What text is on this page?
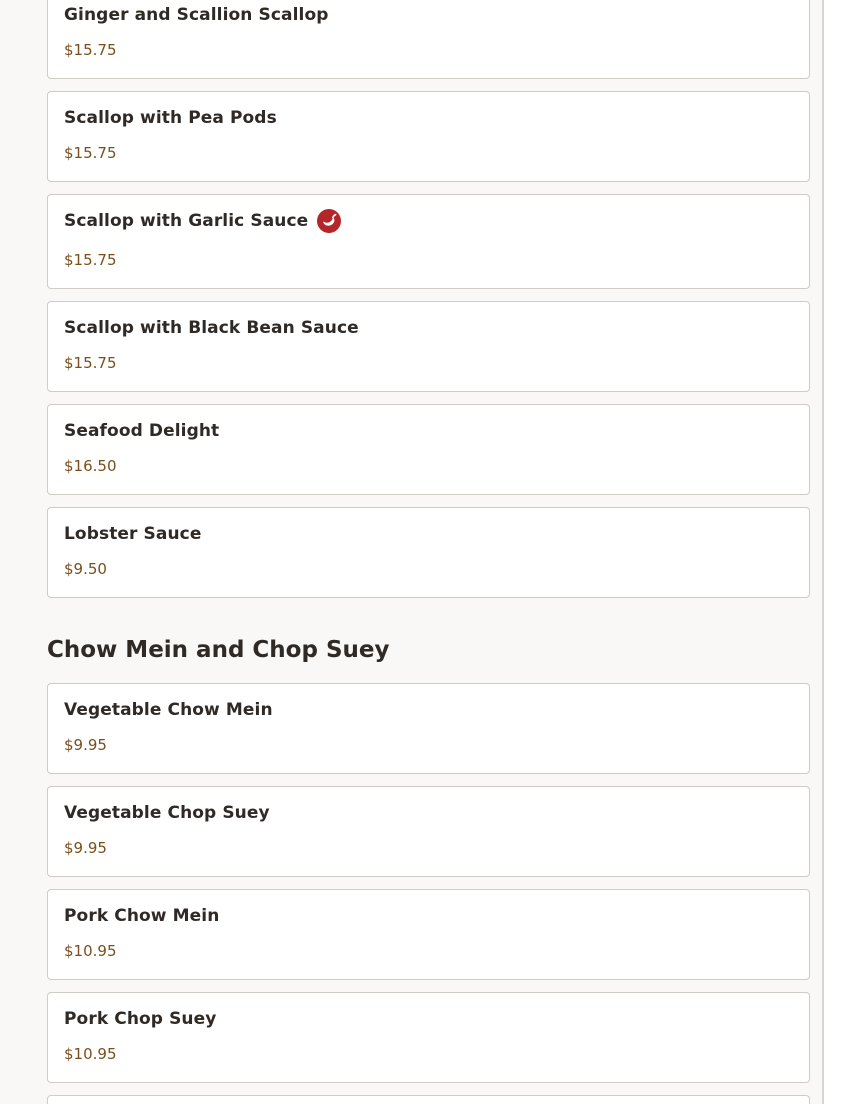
Ginger and Scallion Scallop
$15.75
Scallop with Pea Pods
$15.75
Scallop with Garlic Sauce
$15.75
Scallop with Black Bean Sauce
$15.75
Seafood Delight
$16.50
Lobster Sauce
$9.50
Chow Mein and Chop Suey
Vegetable Chow Mein
$9.95
Vegetable Chop Suey
$9.95
Pork Chow Mein
$10.95
Pork Chop Suey
$10.95
